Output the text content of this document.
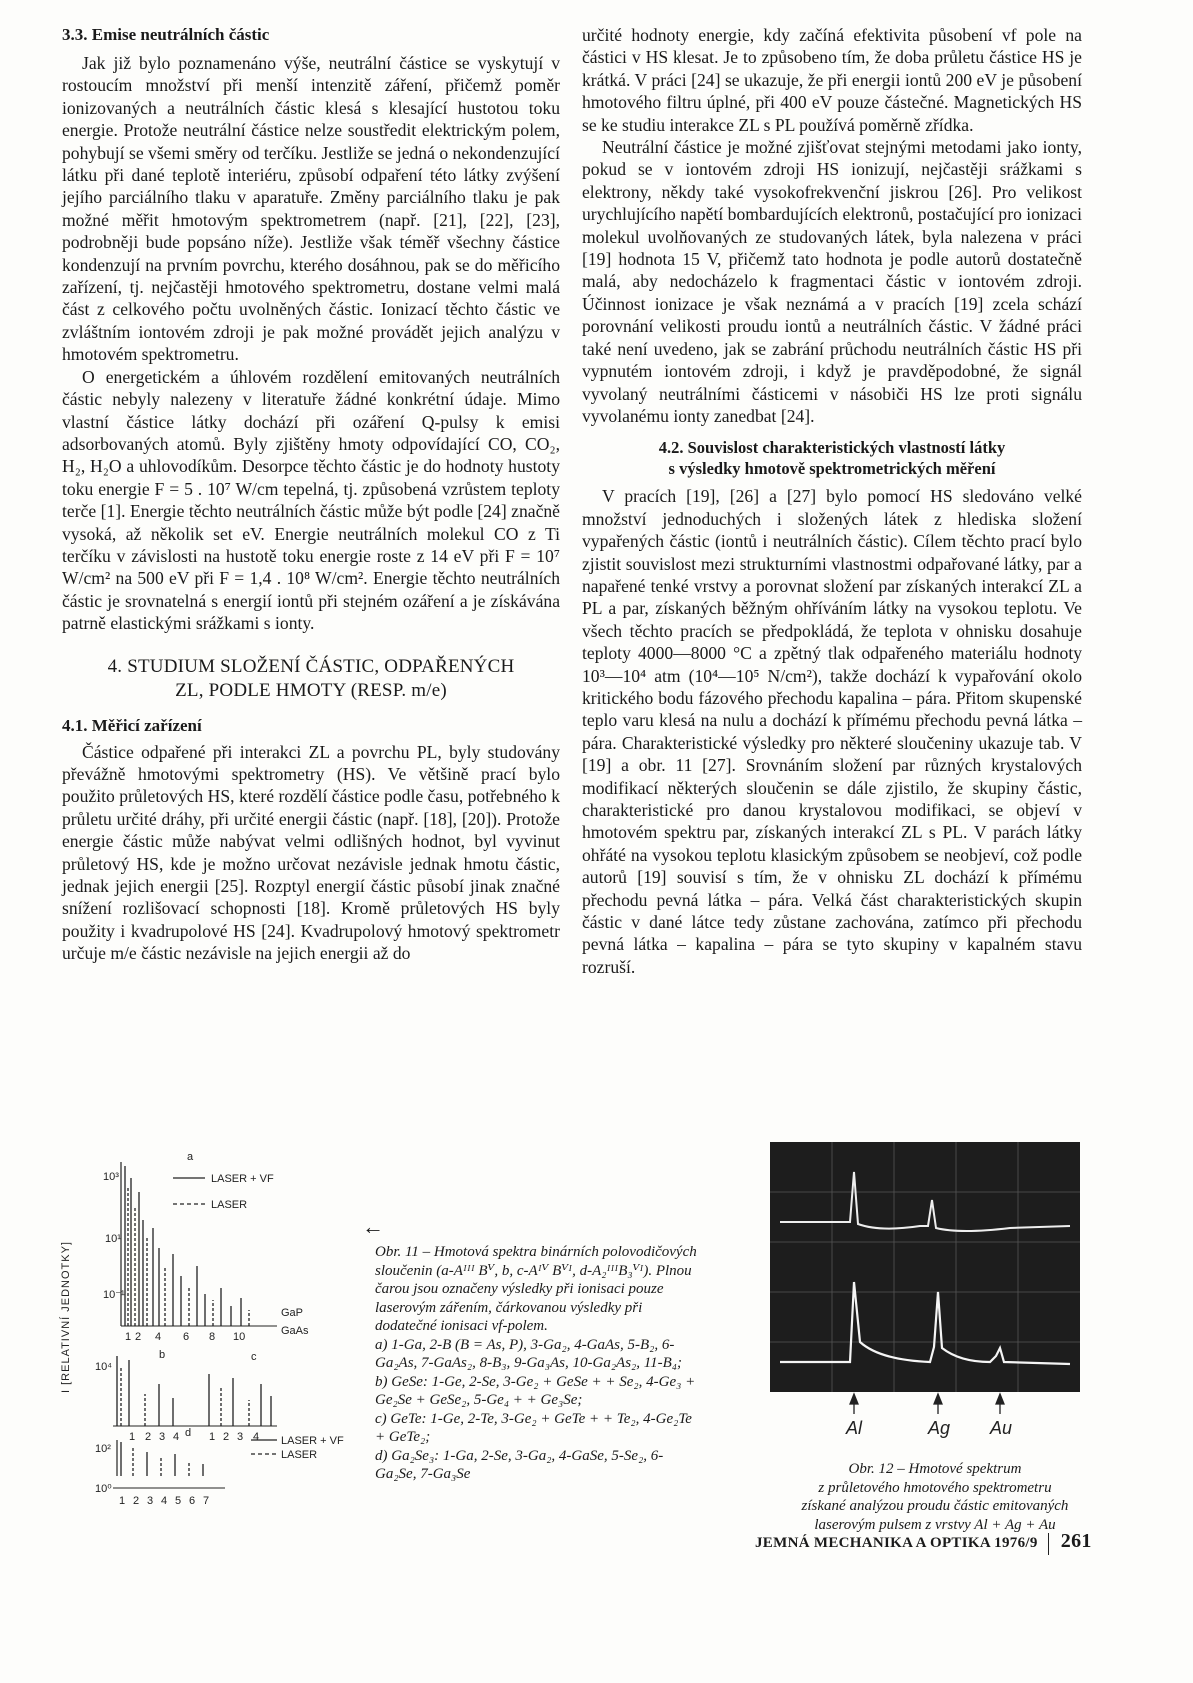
3.3. Emise neutrálních částic

Jak již bylo poznamenáno výše, neutrální částice se vyskytují v rostoucím množství při menší intenzitě záření, přičemž poměr ionizovaných a neutrálních částic klesá s klesající hustotou toku energie. Protože neutrální částice nelze soustředit elektrickým polem, pohybují se všemi směry od terčíku. Jestliže se jedná o nekondenzující látku při dané teplotě interiéru, způsobí odpaření této látky zvýšení jejího parciálního tlaku v aparatuře. Změny parciálního tlaku je pak možné měřit hmotovým spektrometrem (např. [21], [22], [23], podrobněji bude popsáno níže). Jestliže však téměř všechny částice kondenzují na prvním povrchu, kterého dosáhnou, pak se do měřicího zařízení, tj. nejčastěji hmotového spektrometru, dostane velmi malá část z celkového počtu uvolněných částic. Ionizací těchto částic ve zvláštním iontovém zdroji je pak možné provádět jejich analýzu v hmotovém spektrometru.

O energetickém a úhlovém rozdělení emitovaných neutrálních částic nebyly nalezeny v literatuře žádné konkrétní údaje. Mimo vlastní částice látky dochází při ozáření Q-pulsy k emisi adsorbovaných atomů. Byly zjištěny hmoty odpovídající CO, CO₂, H₂, H₂O a uhlovodíkům. Desorpce těchto částic je do hodnoty hustoty toku energie F = 5 . 10⁷ W/cm tepelná, tj. způsobená vzrůstem teploty terče [1]. Energie těchto neutrálních částic může být podle [24] značně vysoká, až několik set eV. Energie neutrálních molekul CO z Ti terčíku v závislosti na hustotě toku energie roste z 14 eV při F = 10⁷ W/cm² na 500 eV při F = 1,4 . 10⁸ W/cm². Energie těchto neutrálních částic je srovnatelná s energií iontů při stejném ozáření a je získávána patrně elastickými srážkami s ionty.

4. STUDIUM SLOŽENÍ ČÁSTIC, ODPAŘENÝCH
ZL, PODLE HMOTY (RESP. m/e)
4.1. Měřicí zařízení

Částice odpařené při interakci ZL a povrchu PL, byly studovány převážně hmotovými spektrometry (HS). Ve většině prací bylo použito průletových HS, které rozdělí částice podle času, potřebného k průletu určité dráhy, při určité energii částic (např. [18], [20]). Protože energie částic může nabývat velmi odlišných hodnot, byl vyvinut průletový HS, kde je možno určovat nezávisle jednak hmotu částic, jednak jejich energii [25]. Rozptyl energií částic působí jinak značné snížení rozlišovací schopnosti [18]. Kromě průletových HS byly použity i kvadrupolové HS [24]. Kvadrupolový hmotový spektrometr určuje m/e částic nezávisle na jejich energii až do

určité hodnoty energie, kdy začíná efektivita působení vf pole na částici v HS klesat. Je to způsobeno tím, že doba průletu částice HS je krátká. V práci [24] se ukazuje, že při energii iontů 200 eV je působení hmotového filtru úplné, při 400 eV pouze částečné. Magnetických HS se ke studiu interakce ZL s PL používá poměrně zřídka.

Neutrální částice je možné zjišťovat stejnými metodami jako ionty, pokud se v iontovém zdroji HS ionizují, nejčastěji srážkami s elektrony, někdy také vysokofrekvenční jiskrou [26]. Pro velikost urychlujícího napětí bombardujících elektronů, postačující pro ionizaci molekul uvolňovaných ze studovaných látek, byla nalezena v práci [19] hodnota 15 V, přičemž tato hodnota je podle autorů dostatečně malá, aby nedocházelo k fragmentaci částic v iontovém zdroji. Účinnost ionizace je však neznámá a v pracích [19] zcela schází porovnání velikosti proudu iontů a neutrálních částic. V žádné práci také není uvedeno, jak se zabrání průchodu neutrálních částic HS při vypnutém iontovém zdroji, i když je pravděpodobné, že signál vyvolaný neutrálními částicemi v násobiči HS lze proti signálu vyvolanému ionty zanedbat [24].

4.2. Souvislost charakteristických vlastností látky
s výsledky hmotově spektrometrických měření

V pracích [19], [26] a [27] bylo pomocí HS sledováno velké množství jednoduchých i složených látek z hlediska složení vypařených částic (iontů i neutrálních částic). Cílem těchto prací bylo zjistit souvislost mezi strukturními vlastnostmi odpařované látky, par a napařené tenké vrstvy a porovnat složení par získaných interakcí ZL a PL a par, získaných běžným ohříváním látky na vysokou teplotu. Ve všech těchto pracích se předpokládá, že teplota v ohnisku dosahuje teploty 4000—8000 °C a zpětný tlak odpařeného materiálu hodnoty 10³—10⁴ atm (10⁴—10⁵ N/cm²), takže dochází k vypařování okolo kritického bodu fázového přechodu kapalina – pára. Přitom skupenské teplo varu klesá na nulu a dochází k přímému přechodu pevná látka – pára. Charakteristické výsledky pro některé sloučeniny ukazuje tab. V [19] a obr. 11 [27]. Srovnáním složení par různých krystalových modifikací některých sloučenin se dále zjistilo, že skupiny částic, charakteristické pro danou krystalovou modifikaci, se objeví v hmotovém spektru par, získaných interakcí ZL s PL. V parách látky ohřáté na vysokou teplotu klasickým způsobem se neobjeví, což podle autorů [19] souvisí s tím, že v ohnisku ZL dochází k přímému přechodu pevná látka – pára. Velká část charakteristických skupin částic v dané látce tedy zůstane zachována, zatímco při přechodu pevná látka – kapalina – pára se tyto skupiny v kapalném stavu rozruší.

I [RELATIVNÍ JEDNOTKY]
a
10³
10¹
10⁻¹
LASER + VF
LASER
GaP
GaAs
1 2 4 6 8 10
b	c
10⁴
1 2 3 4	1 2 3 4
d
10²
LASER + VF
LASER
10⁰
1 2 3 4 5 6 7
←

Obr. 11 – Hmotová spektra binárních polovodičových sloučenin (a-Aᴵᴵᴵ Bⱽ, b, c-Aᴵⱽ Bⱽᴵ, d-A₂ᴵᴵᴵB₃ⱽᴵ). Plnou čarou jsou označeny výsledky při ionisaci pouze laserovým zářením, čárkovanou výsledky při dodatečné ionisaci vf-polem.

a) 1-Ga, 2-B (B = As, P), 3-Ga₂, 4-GaAs, 5-B₂, 6-Ga₂As, 7-GaAs₂, 8-B₃, 9-Ga₃As, 10-Ga₂As₂, 11-B₄;

b) GeSe: 1-Ge, 2-Se, 3-Ge₂ + GeSe + + Se₂, 4-Ge₃ + Ge₂Se + GeSe₂, 5-Ge₄ + + Ge₃Se;

c) GeTe: 1-Ge, 2-Te, 3-Ge₂ + GeTe + + Te₂, 4-Ge₂Te + GeTe₂;

d) Ga₂Se₃: 1-Ga, 2-Se, 3-Ga₂, 4-GaSe, 5-Se₂, 6-Ga₂Se, 7-Ga₃Se

Al	Ag Au

Obr. 12 – Hmotové spektrum

z průletového hmotového spektrometru

získané analýzou proudu částic emitovaných

laserovým pulsem z vrstvy Al + Ag + Au

JEMNÁ MECHANIKA A OPTIKA 1976/9 261
